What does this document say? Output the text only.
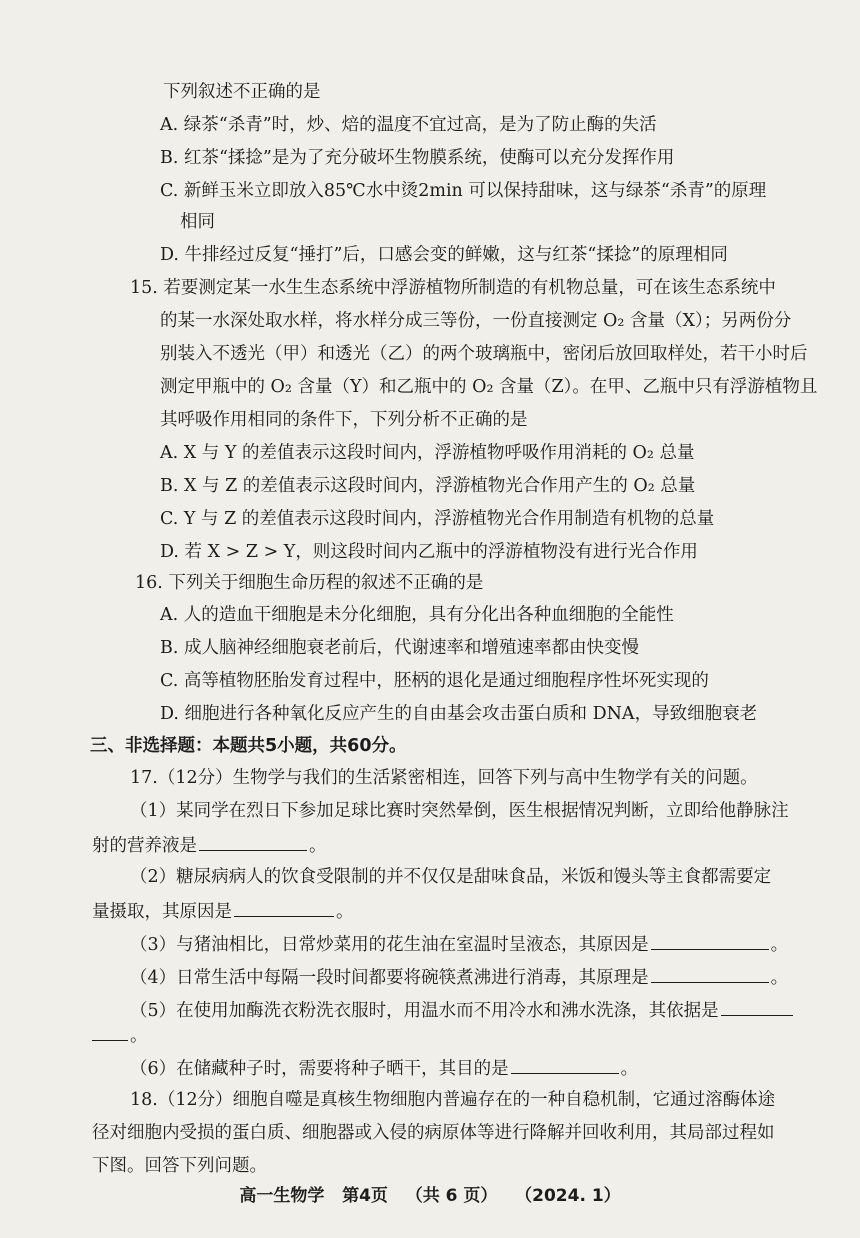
下列叙述不正确的是
A. 绿茶“杀青”时，炒、焙的温度不宜过高，是为了防止酶的失活
B. 红茶“揉捻”是为了充分破坏生物膜系统，使酶可以充分发挥作用
C. 新鲜玉米立即放入85℃水中烫2min 可以保持甜味，这与绿茶“杀青”的原理
相同
D. 牛排经过反复“捶打”后，口感会变的鲜嫩，这与红茶“揉捻”的原理相同
15. 若要测定某一水生生态系统中浮游植物所制造的有机物总量，可在该生态系统中
的某一水深处取水样，将水样分成三等份，一份直接测定 O₂ 含量（X）；另两份分
别装入不透光（甲）和透光（乙）的两个玻璃瓶中，密闭后放回取样处，若干小时后
测定甲瓶中的 O₂ 含量（Y）和乙瓶中的 O₂ 含量（Z）。在甲、乙瓶中只有浮游植物且
其呼吸作用相同的条件下，下列分析不正确的是
A. X 与 Y 的差值表示这段时间内，浮游植物呼吸作用消耗的 O₂ 总量
B. X 与 Z 的差值表示这段时间内，浮游植物光合作用产生的 O₂ 总量
C. Y 与 Z 的差值表示这段时间内，浮游植物光合作用制造有机物的总量
D. 若 X > Z > Y，则这段时间内乙瓶中的浮游植物没有进行光合作用
16. 下列关于细胞生命历程的叙述不正确的是
A. 人的造血干细胞是未分化细胞，具有分化出各种血细胞的全能性
B. 成人脑神经细胞衰老前后，代谢速率和增殖速率都由快变慢
C. 高等植物胚胎发育过程中，胚柄的退化是通过细胞程序性坏死实现的
D. 细胞进行各种氧化反应产生的自由基会攻击蛋白质和 DNA，导致细胞衰老
三、非选择题：本题共5小题，共60分。
17.（12分）生物学与我们的生活紧密相连，回答下列与高中生物学有关的问题。
（1）某同学在烈日下参加足球比赛时突然晕倒，医生根据情况判断，立即给他静脉注
射的营养液是	。
（2）糖尿病病人的饮食受限制的并不仅仅是甜味食品，米饭和馒头等主食都需要定
量摄取，其原因是	。
（3）与猪油相比，日常炒菜用的花生油在室温时呈液态，其原因是	。
（4）日常生活中每隔一段时间都要将碗筷煮沸进行消毒，其原理是	。
（5）在使用加酶洗衣粉洗衣服时，用温水而不用冷水和沸水洗涤，其依据是
。
（6）在储藏种子时，需要将种子晒干，其目的是	。
18.（12分）细胞自噬是真核生物细胞内普遍存在的一种自稳机制，它通过溶酶体途
径对细胞内受损的蛋白质、细胞器或入侵的病原体等进行降解并回收利用，其局部过程如
下图。回答下列问题。
高一生物学 第4页 （共 6 页） （2024. 1）
